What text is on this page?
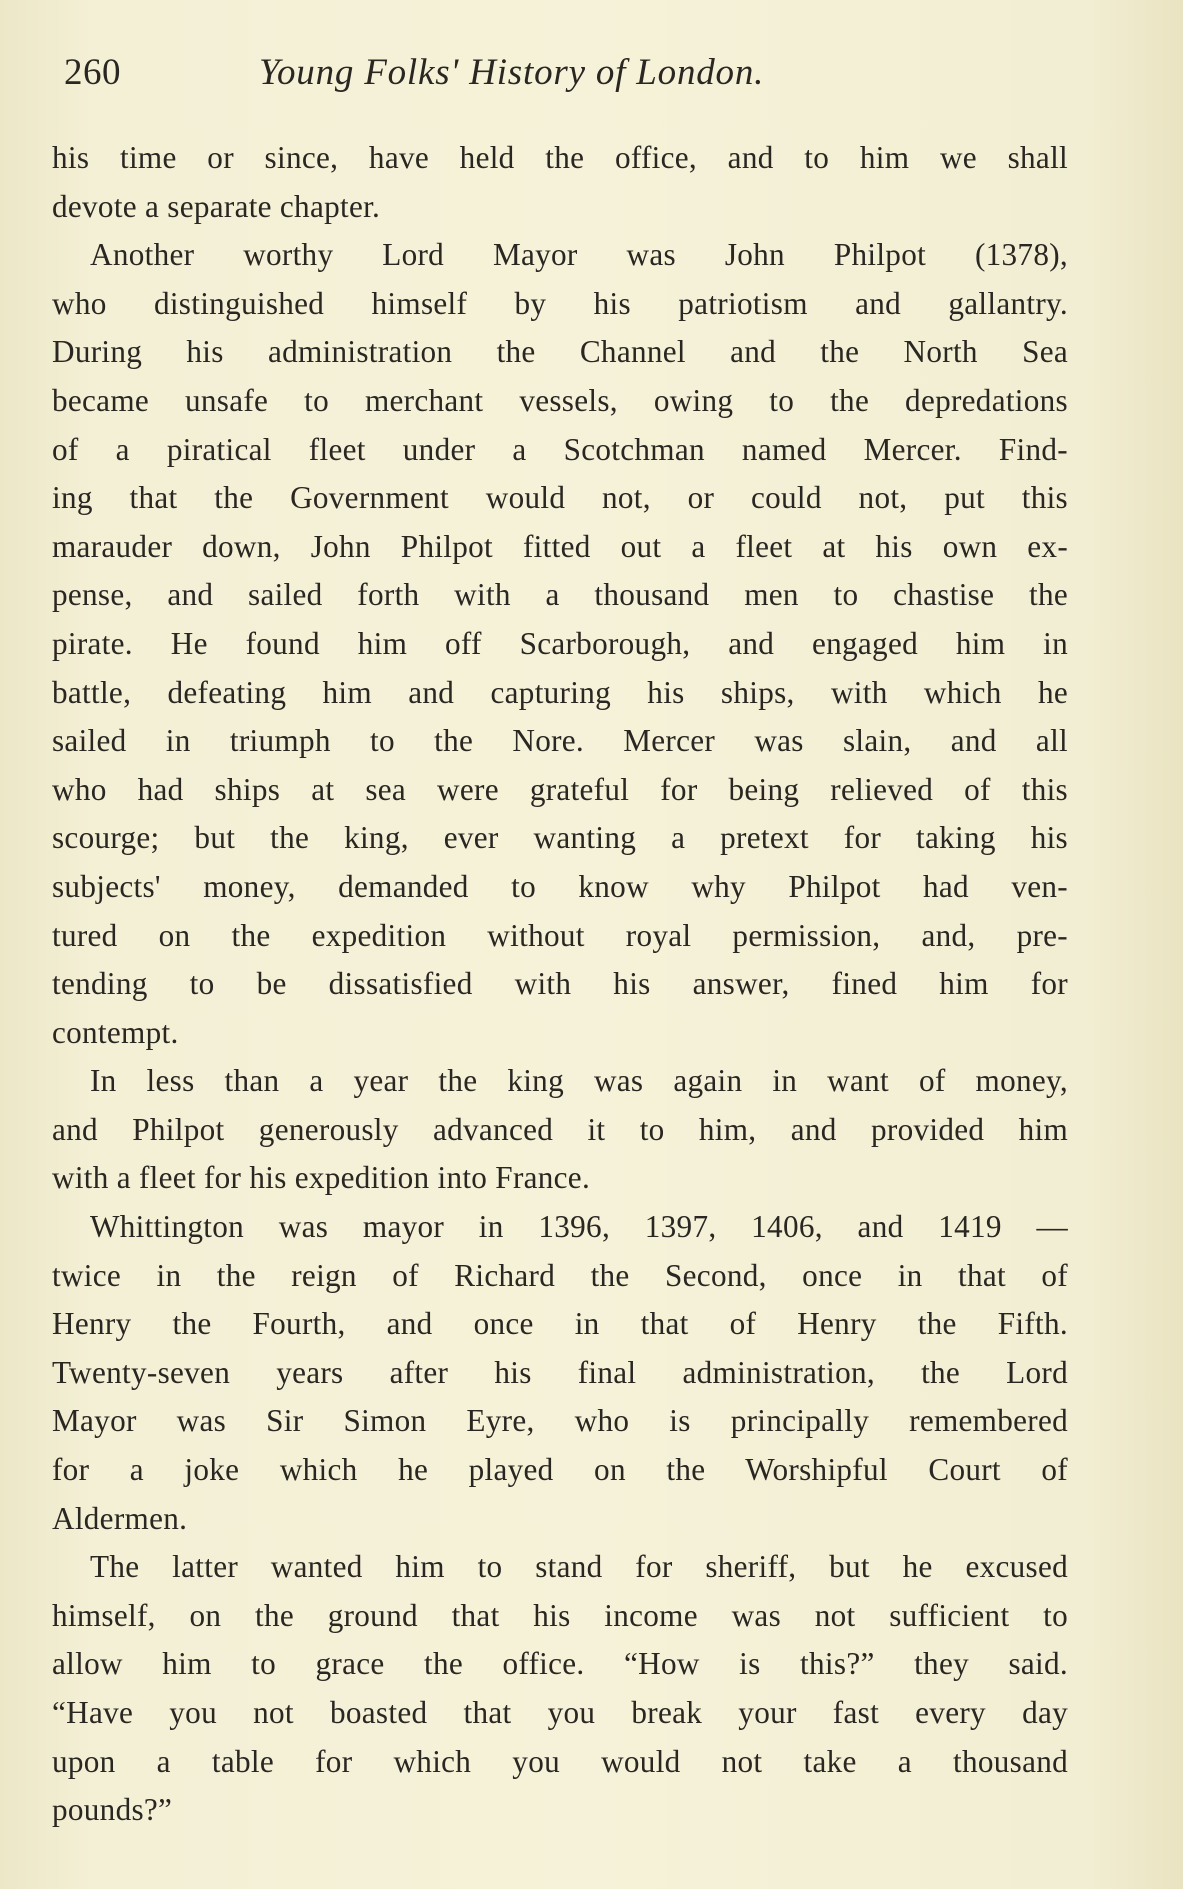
260	Young Folks' History of London.

his time or since, have held the office, and to him we shall
devote a separate chapter.

Another worthy Lord Mayor was John Philpot (1378),
who distinguished himself by his patriotism and gallantry.
During his administration the Channel and the North Sea
became unsafe to merchant vessels, owing to the depredations
of a piratical fleet under a Scotchman named Mercer. Find-
ing that the Government would not, or could not, put this
marauder down, John Philpot fitted out a fleet at his own ex-
pense, and sailed forth with a thousand men to chastise the
pirate. He found him off Scarborough, and engaged him in
battle, defeating him and capturing his ships, with which he
sailed in triumph to the Nore. Mercer was slain, and all
who had ships at sea were grateful for being relieved of this
scourge; but the king, ever wanting a pretext for taking his
subjects' money, demanded to know why Philpot had ven-
tured on the expedition without royal permission, and, pre-
tending to be dissatisfied with his answer, fined him for
contempt.

In less than a year the king was again in want of money,
and Philpot generously advanced it to him, and provided him
with a fleet for his expedition into France.

Whittington was mayor in 1396, 1397, 1406, and 1419 —
twice in the reign of Richard the Second, once in that of
Henry the Fourth, and once in that of Henry the Fifth.
Twenty-seven years after his final administration, the Lord
Mayor was Sir Simon Eyre, who is principally remembered
for a joke which he played on the Worshipful Court of
Aldermen.

The latter wanted him to stand for sheriff, but he excused
himself, on the ground that his income was not sufficient to
allow him to grace the office. “How is this?” they said.
“Have you not boasted that you break your fast every day
upon a table for which you would not take a thousand
pounds?”
